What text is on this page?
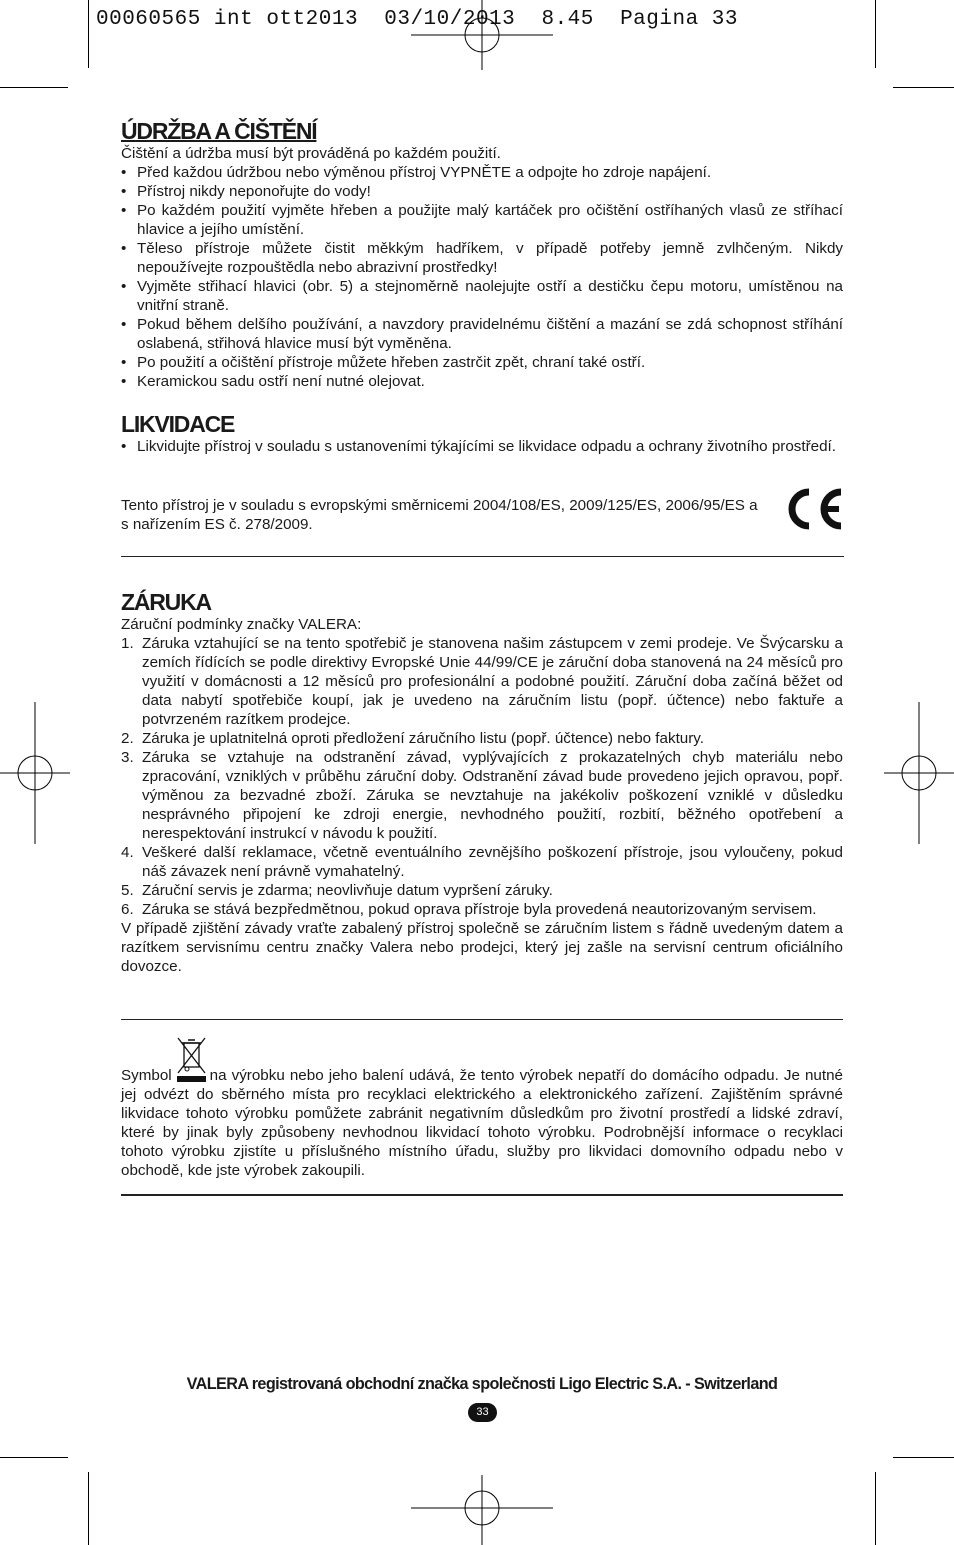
00060565 int ott2013  03/10/2013  8.45  Pagina 33
ÚDRŽBA A ČIŠTĚNÍ

Čištění a údržba musí být prováděná po každém použití.

• Před každou údržbou nebo výměnou přístroj VYPNĚTE a odpojte ho zdroje napájení.
• Přístroj nikdy neponořujte do vody!
• Po každém použití vyjměte hřeben a použijte malý kartáček pro očištění ostříhaných vlasů ze stříhací hlavice a jejího umístění.
• Těleso přístroje můžete čistit měkkým hadříkem, v případě potřeby jemně zvlhčeným. Nikdy nepoužívejte rozpouštědla nebo abrazivní prostředky!
• Vyjměte střihací hlavici (obr. 5) a stejnoměrně naolejujte ostří a destičku čepu motoru, umístěnou na vnitřní straně.
• Pokud během delšího používání, a navzdory pravidelnému čištění a mazání se zdá schopnost stříhání oslabená, střihová hlavice musí být vyměněna.
• Po použití a očištění přístroje můžete hřeben zastrčit zpět, chraní také ostří.
• Keramickou sadu ostří není nutné olejovat.
LIKVIDACE
• Likvidujte přístroj v souladu s ustanoveními týkajícími se likvidace odpadu a ochrany životního prostředí.

Tento přístroj je v souladu s evropskými směrnicemi 2004/108/ES, 2009/125/ES, 2006/95/ES a s nařízením ES č. 278/2009.

ZÁRUKA

Záruční podmínky značky VALERA:

1. Záruka vztahující se na tento spotřebič je stanovena našim zástupcem v zemi prodeje. Ve Švýcarsku a zemích řídících se podle direktivy Evropské Unie 44/99/CE je záruční doba stanovená na 24 měsíců pro využití v domácnosti a 12 měsíců pro profesionální a podobné použití. Záruční doba začíná běžet od data nabytí spotřebiče koupí, jak je uvedeno na záručním listu (popř. účtence) nebo faktuře a potvrzeném razítkem prodejce.
2. Záruka je uplatnitelná oproti předložení záručního listu (popř. účtence) nebo faktury.
3. Záruka se vztahuje na odstranění závad, vyplývajících z prokazatelných chyb materiálu nebo zpracování, vzniklých v průběhu záruční doby. Odstranění závad bude provedeno jejich opravou, popř. výměnou za bezvadné zboží. Záruka se nevztahuje na jakékoliv poškození vzniklé v důsledku nesprávného připojení ke zdroji energie, nevhodného použití, rozbití, běžného opotřebení a nerespektování instrukcí v návodu k použití.
4. Veškeré další reklamace, včetně eventuálního zevnějšího poškození přístroje, jsou vyloučeny, pokud náš závazek není právně vymahatelný.
5. Záruční servis je zdarma; neovlivňuje datum vypršení záruky.
6. Záruka se stává bezpředmětnou, pokud oprava přístroje byla provedená neautorizovaným servisem.

V případě zjištění závady vraťte zabalený přístroj společně se záručním listem s řádně uvedeným datem a razítkem servisnímu centru značky Valera nebo prodejci, který jej zašle na servisní centrum oficiálního dovozce.

Symbol	na výrobku nebo jeho balení udává, že tento výrobek nepatří do domácího odpadu. Je nutné jej odvézt do sběrného místa pro recyklaci elektrického a elektronického zařízení. Zajištěním správné likvidace tohoto výrobku pomůžete zabránit negativním důsledkům pro životní prostředí a lidské zdraví, které by jinak byly způsobeny nevhodnou likvidací tohoto výrobku. Podrobnější informace o recyklaci tohoto výrobku zjistíte u příslušného místního úřadu, služby pro likvidaci domovního odpadu nebo v obchodě, kde jste výrobek zakoupili.
VALERA registrovaná obchodní značka společnosti Ligo Electric S.A. - Switzerland
33
